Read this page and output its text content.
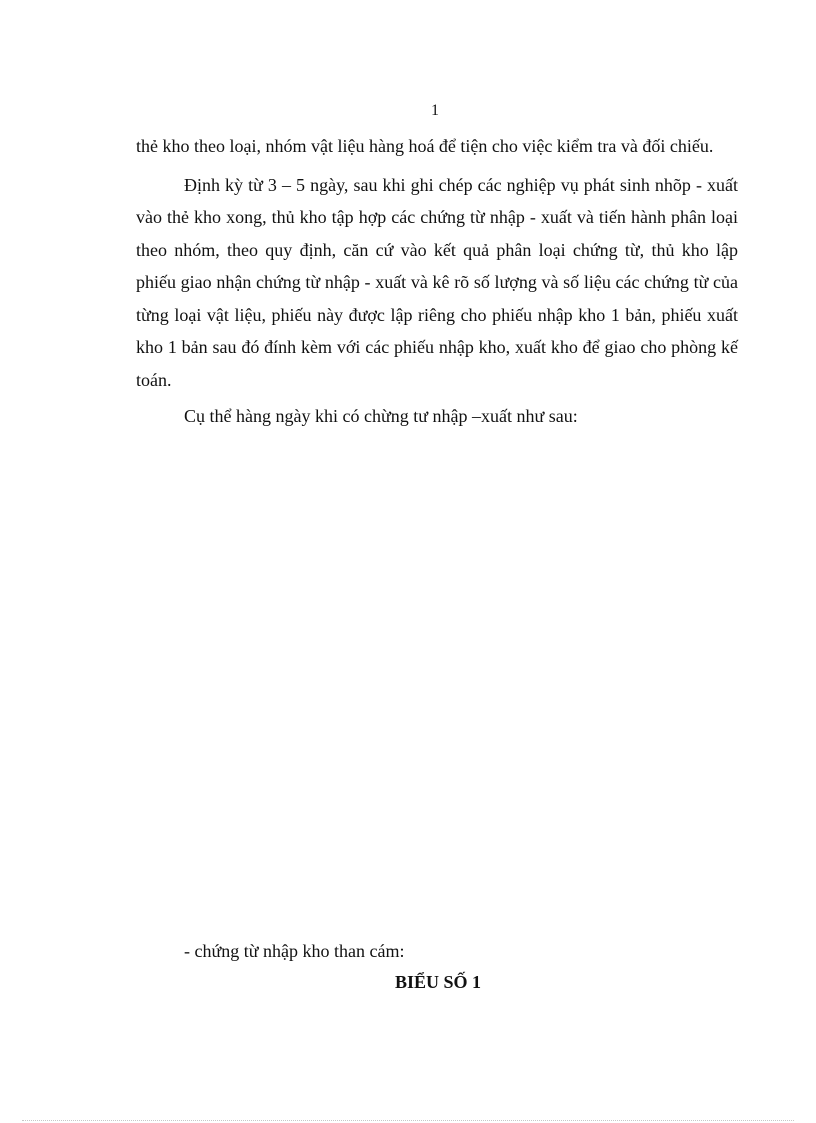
1

thẻ kho theo loại, nhóm vật liệu hàng hoá để tiện cho việc kiểm tra và đối chiếu.

Định kỳ từ 3 – 5 ngày, sau khi ghi chép các nghiệp vụ phát sinh nhõp - xuất vào thẻ kho xong, thủ kho tập hợp các chứng từ nhập - xuất và tiến hành phân loại theo nhóm, theo quy định, căn cứ vào kết quả phân loại chứng từ, thủ kho lập phiếu giao nhận chứng từ nhập - xuất và kê rõ số lượng và số liệu các chứng từ của từng loại vật liệu, phiếu này được lập riêng cho phiếu nhập kho 1 bản, phiếu xuất kho 1 bản sau đó đính kèm với các phiếu nhập kho, xuất kho để giao cho phòng kế toán.

Cụ thể hàng ngày khi có chừng tư nhập –xuất như sau:

- chứng từ nhập kho than cám:

BIỂU SỐ 1
